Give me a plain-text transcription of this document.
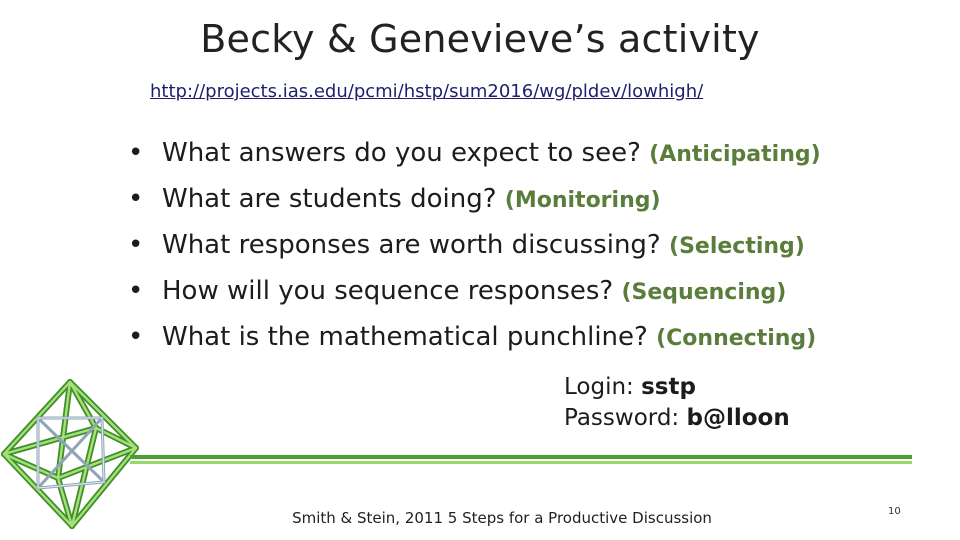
Becky & Genevieve’s activity
http://projects.ias.edu/pcmi/hstp/sum2016/wg/pldev/lowhigh/
• What answers do you expect to see? (Anticipating)
• What are students doing? (Monitoring)
• What responses are worth discussing? (Selecting)
• How will you sequence responses? (Sequencing)
• What is the mathematical punchline? (Connecting)
Login: sstp
Password: b@lloon
Smith & Stein, 2011 5 Steps for a Productive Discussion	10
